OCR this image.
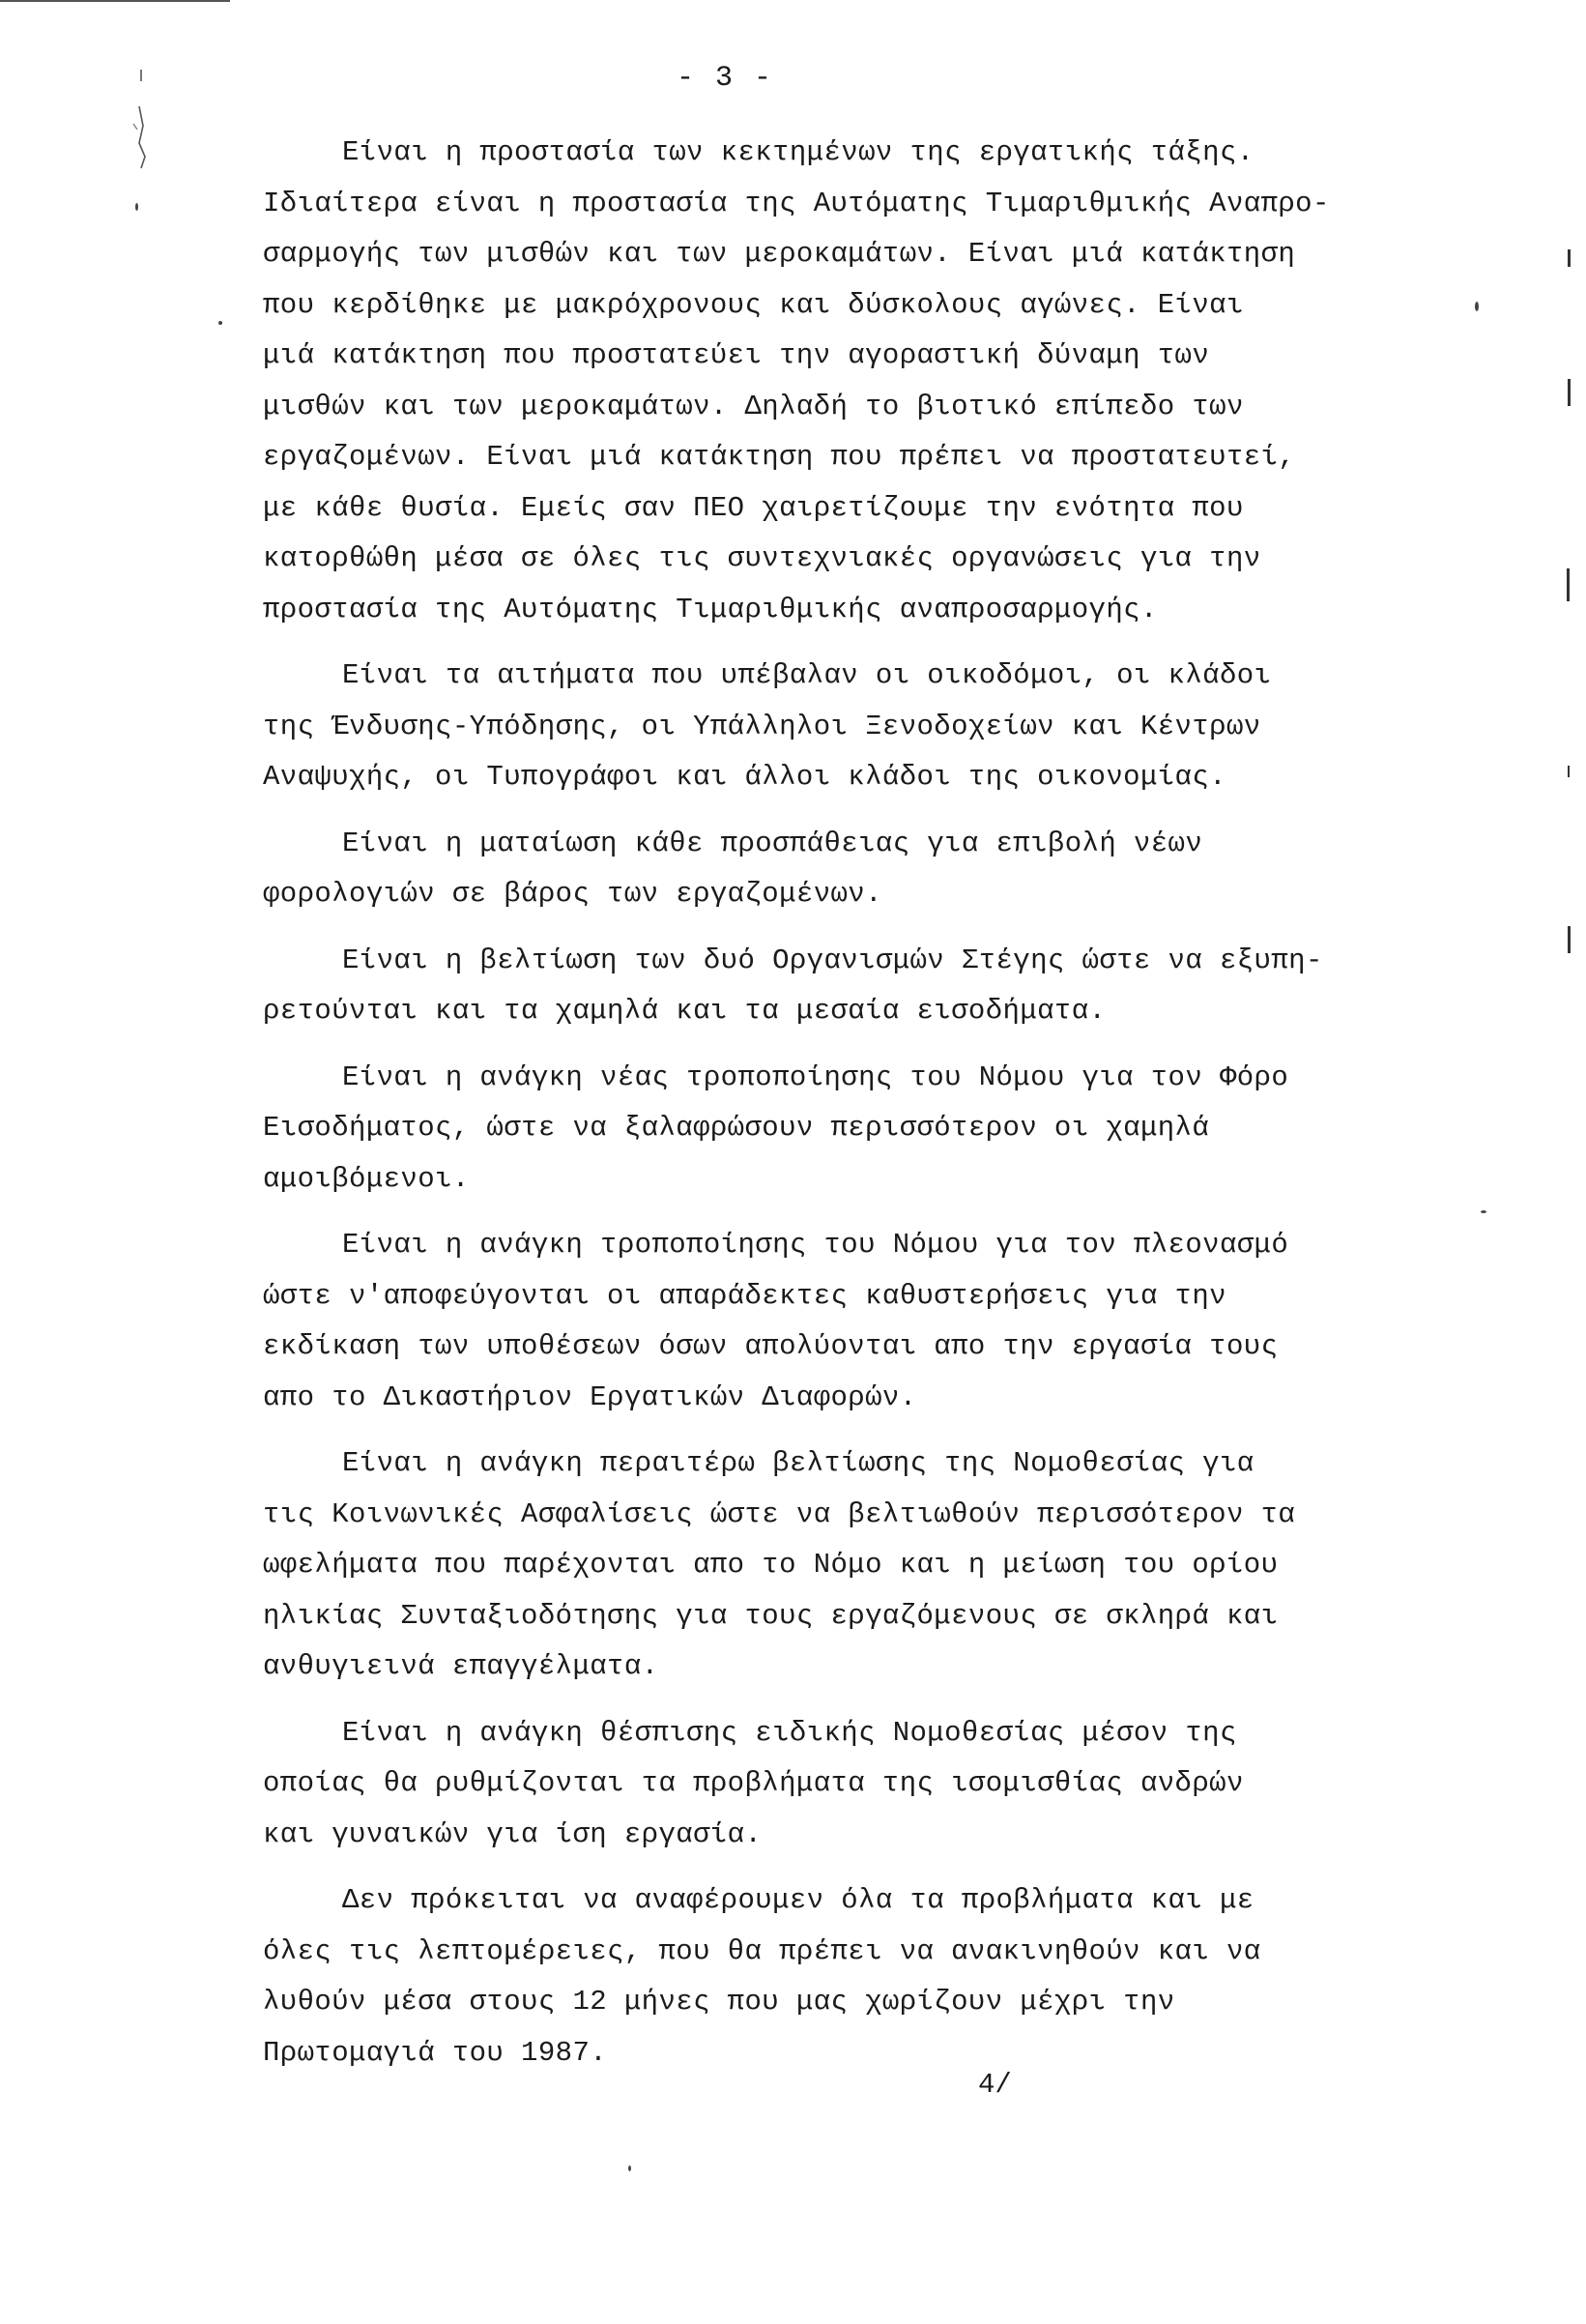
- 3 -

Είναι η προστασία των κεκτημένων της εργατικής τάξης.
Ιδιαίτερα είναι η προστασία της Αυτόματης Τιμαριθμικής Αναπρο-
σαρμογής των μισθών και των μεροκαμάτων. Είναι μιά κατάκτηση
που κερδίθηκε με μακρόχρονους και δύσκολους αγώνες. Είναι
μιά κατάκτηση που προστατεύει την αγοραστική δύναμη των
μισθών και των μεροκαμάτων. Δηλαδή το βιοτικό επίπεδο των
εργαζομένων. Είναι μιά κατάκτηση που πρέπει να προστατευτεί,
με κάθε θυσία. Εμείς σαν ΠΕΟ χαιρετίζουμε την ενότητα που
κατορθώθη μέσα σε όλες τις συντεχνιακές οργανώσεις για την
προστασία της Αυτόματης Τιμαριθμικής αναπροσαρμογής.

Είναι τα αιτήματα που υπέβαλαν οι οικοδόμοι, οι κλάδοι
της Ένδυσης-Υπόδησης, οι Υπάλληλοι Ξενοδοχείων και Κέντρων
Αναψυχής, οι Τυπογράφοι και άλλοι κλάδοι της οικονομίας.

Είναι η ματαίωση κάθε προσπάθειας για επιβολή νέων
φορολογιών σε βάρος των εργαζομένων.

Είναι η βελτίωση των δυό Οργανισμών Στέγης ώστε να εξυπη-
ρετούνται και τα χαμηλά και τα μεσαία εισοδήματα.

Είναι η ανάγκη νέας τροποποίησης του Νόμου για τον Φόρο
Εισοδήματος, ώστε να ξαλαφρώσουν περισσότερον οι χαμηλά
αμοιβόμενοι.

Είναι η ανάγκη τροποποίησης του Νόμου για τον πλεονασμό
ώστε ν'αποφεύγονται οι απαράδεκτες καθυστερήσεις για την
εκδίκαση των υποθέσεων όσων απολύονται απο την εργασία τους
απο το Δικαστήριον Εργατικών Διαφορών.

Είναι η ανάγκη περαιτέρω βελτίωσης της Νομοθεσίας για
τις Κοινωνικές Ασφαλίσεις ώστε να βελτιωθούν περισσότερον τα
ωφελήματα που παρέχονται απο το Νόμο και η μείωση του ορίου
ηλικίας Συνταξιοδότησης για τους εργαζόμενους σε σκληρά και
ανθυγιεινά επαγγέλματα.

Είναι η ανάγκη θέσπισης ειδικής Νομοθεσίας μέσον της
οποίας θα ρυθμίζονται τα προβλήματα της ισομισθίας ανδρών
και γυναικών για ίση εργασία.

Δεν πρόκειται να αναφέρουμεν όλα τα προβλήματα και με
όλες τις λεπτομέρειες, που θα πρέπει να ανακινηθούν και να
λυθούν μέσα στους 12 μήνες που μας χωρίζουν μέχρι την
Πρωτομαγιά του 1987.

4/
